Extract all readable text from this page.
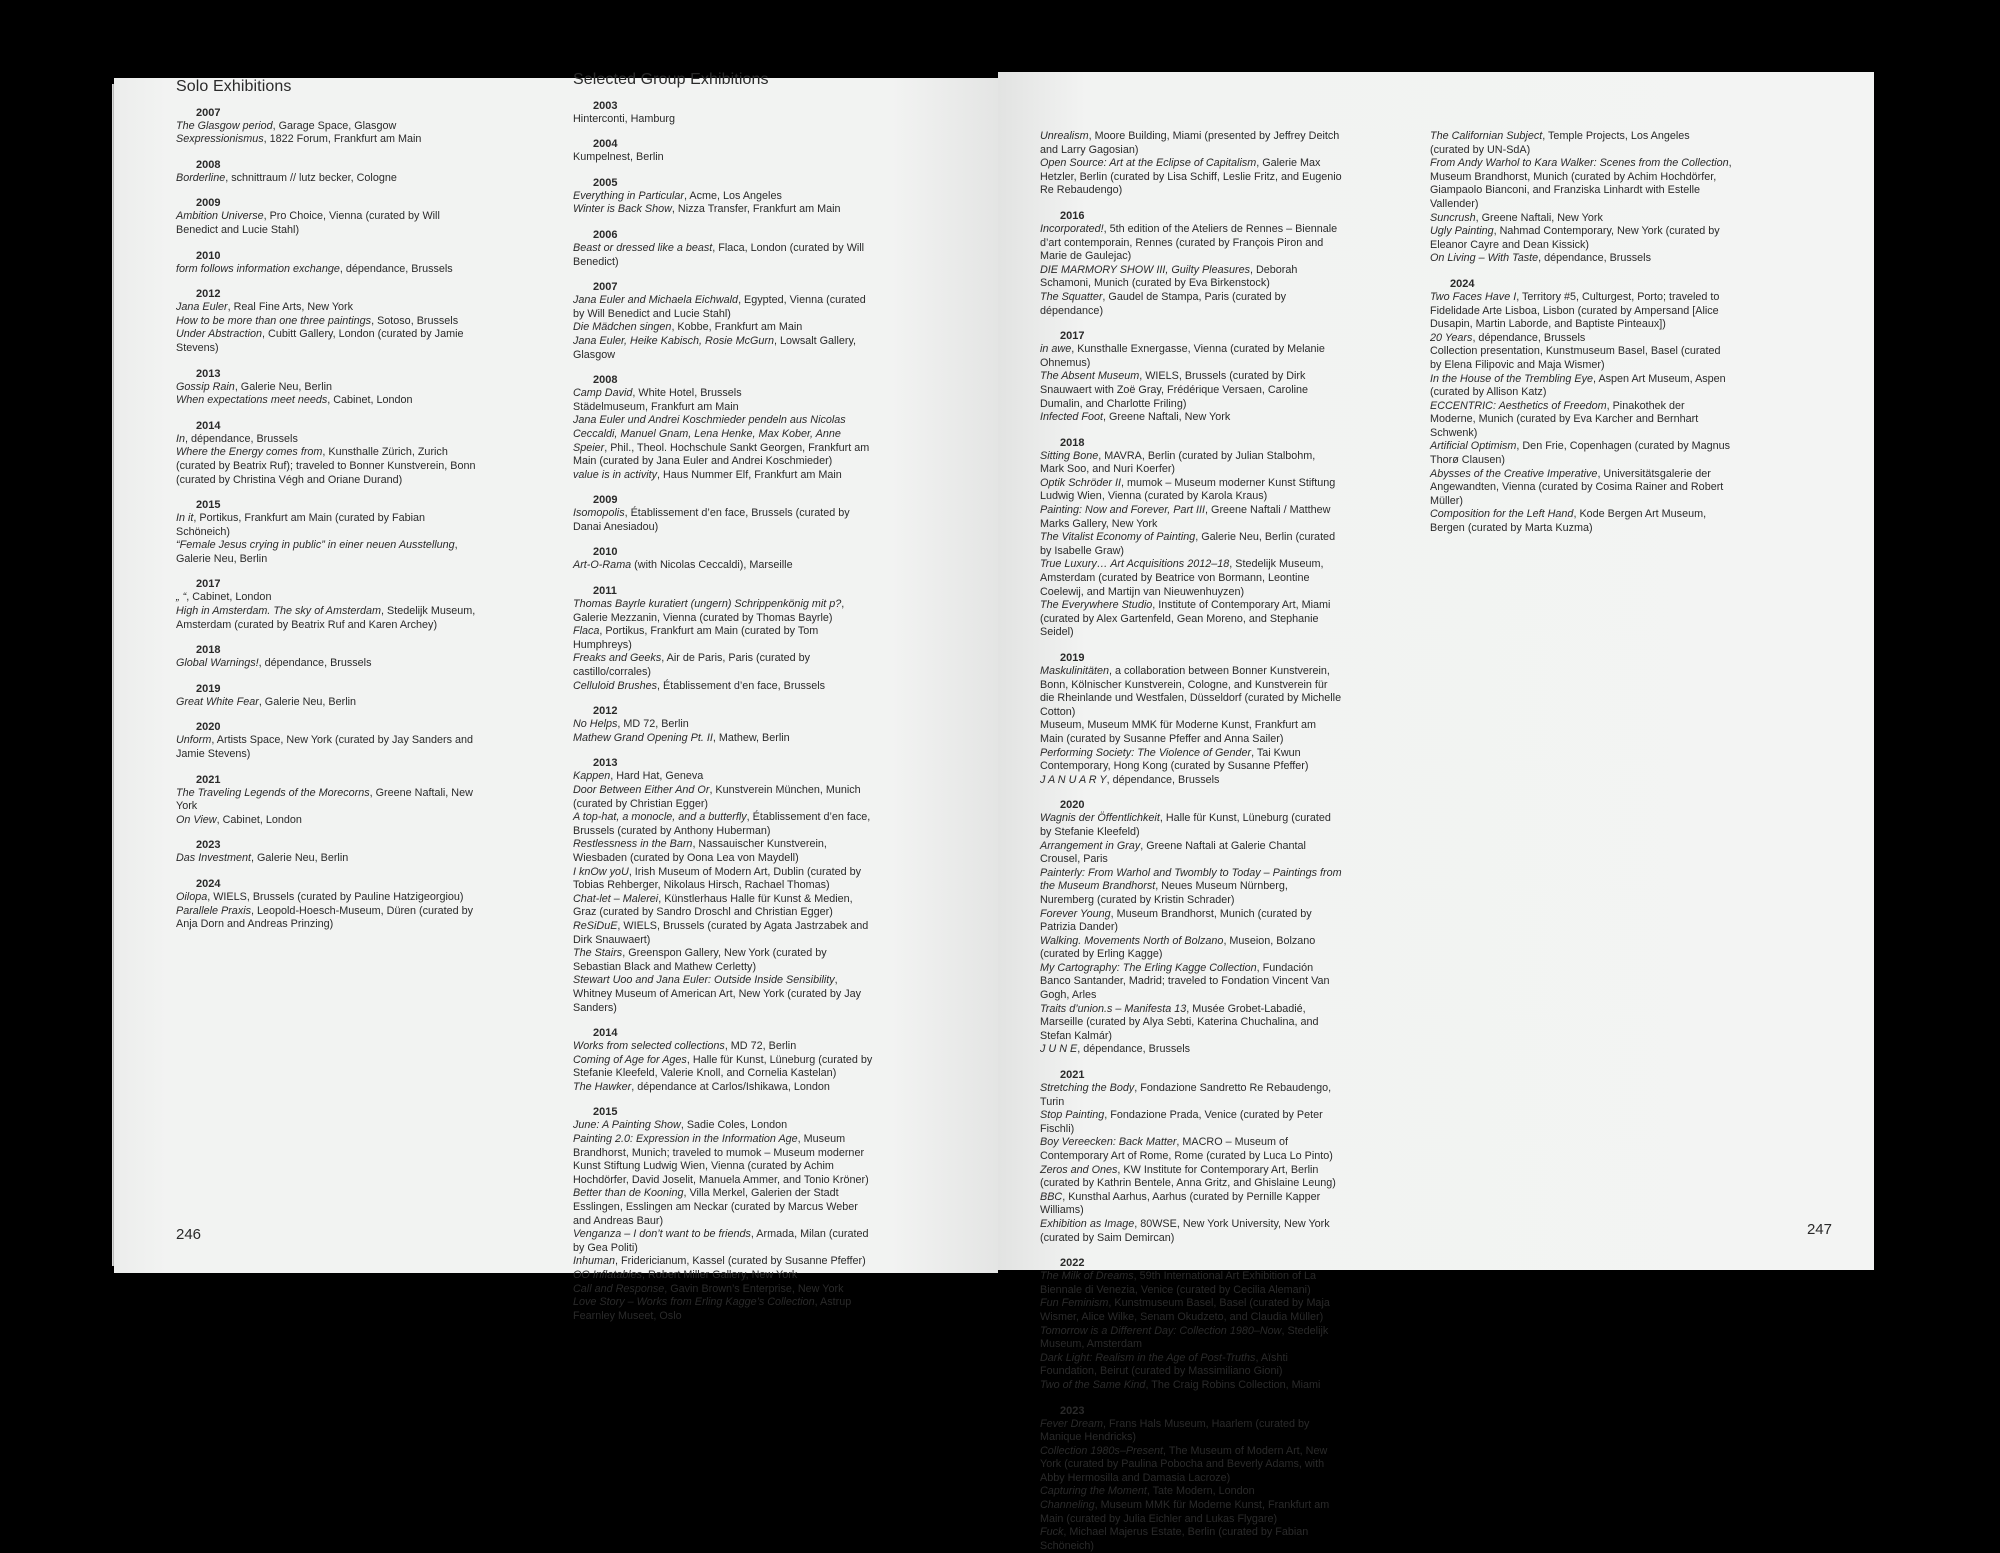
Solo Exhibitions
2007

The Glasgow period, Garage Space, Glasgow

Sexpressionismus, 1822 Forum, Frankfurt am Main

2008

Borderline, schnittraum // lutz becker, Cologne

2009

Ambition Universe, Pro Choice, Vienna (curated by Will Benedict and Lucie Stahl)

2010

form follows information exchange, dépendance, Brussels

2012

Jana Euler, Real Fine Arts, New York

How to be more than one three paintings, Sotoso, Brussels

Under Abstraction, Cubitt Gallery, London (curated by Jamie Stevens)

2013

Gossip Rain, Galerie Neu, Berlin

When expectations meet needs, Cabinet, London

2014

In, dépendance, Brussels

Where the Energy comes from, Kunsthalle Zürich, Zurich (curated by Beatrix Ruf); traveled to Bonner Kunstverein, Bonn (curated by Christina Végh and Oriane Durand)

2015

In it, Portikus, Frankfurt am Main (curated by Fabian Schöneich)

“Female Jesus crying in public” in einer neuen Ausstellung, Galerie Neu, Berlin

2017

„ “, Cabinet, London

High in Amsterdam. The sky of Amsterdam, Stedelijk Museum, Amsterdam (curated by Beatrix Ruf and Karen Archey)

2018

Global Warnings!, dépendance, Brussels

2019

Great White Fear, Galerie Neu, Berlin

2020

Unform, Artists Space, New York (curated by Jay Sanders and Jamie Stevens)

2021

The Traveling Legends of the Morecorns, Greene Naftali, New York

On View, Cabinet, London

2023

Das Investment, Galerie Neu, Berlin

2024

Oilopa, WIELS, Brussels (curated by Pauline Hatzigeorgiou)

Parallele Praxis, Leopold-Hoesch-Museum, Düren (curated by Anja Dorn and Andreas Prinzing)

Selected Group Exhibitions
2003

Hinterconti, Hamburg

2004

Kumpelnest, Berlin

2005

Everything in Particular, Acme, Los Angeles

Winter is Back Show, Nizza Transfer, Frankfurt am Main

2006

Beast or dressed like a beast, Flaca, London (curated by Will Benedict)

2007

Jana Euler and Michaela Eichwald, Egypted, Vienna (curated by Will Benedict and Lucie Stahl)

Die Mädchen singen, Kobbe, Frankfurt am Main

Jana Euler, Heike Kabisch, Rosie McGurn, Lowsalt Gallery, Glasgow

2008

Camp David, White Hotel, Brussels

Städelmuseum, Frankfurt am Main

Jana Euler und Andrei Koschmieder pendeln aus Nicolas Ceccaldi, Manuel Gnam, Lena Henke, Max Kober, Anne Speier, Phil., Theol. Hochschule Sankt Georgen, Frankfurt am Main (curated by Jana Euler and Andrei Koschmieder)

value is in activity, Haus Nummer Elf, Frankfurt am Main

2009

Isomopolis, Établissement d’en face, Brussels (curated by Danai Anesiadou)

2010

Art-O-Rama (with Nicolas Ceccaldi), Marseille

2011

Thomas Bayrle kuratiert (ungern) Schrippenkönig mit p?, Galerie Mezzanin, Vienna (curated by Thomas Bayrle)

Flaca, Portikus, Frankfurt am Main (curated by Tom Humphreys)

Freaks and Geeks, Air de Paris, Paris (curated by castillo/corrales)

Celluloid Brushes, Établissement d’en face, Brussels

2012

No Helps, MD 72, Berlin

Mathew Grand Opening Pt. II, Mathew, Berlin

2013

Kappen, Hard Hat, Geneva

Door Between Either And Or, Kunstverein München, Munich (curated by Christian Egger)

A top-hat, a monocle, and a butterfly, Établissement d’en face, Brussels (curated by Anthony Huberman)

Restlessness in the Barn, Nassauischer Kunstverein, Wiesbaden (curated by Oona Lea von Maydell)

I knOw yoU, Irish Museum of Modern Art, Dublin (curated by Tobias Rehberger, Nikolaus Hirsch, Rachael Thomas)

Chat-let – Malerei, Künstlerhaus Halle für Kunst & Medien, Graz (curated by Sandro Droschl and Christian Egger)

ReSiDuE, WIELS, Brussels (curated by Agata Jastrzabek and Dirk Snauwaert)

The Stairs, Greenspon Gallery, New York (curated by Sebastian Black and Mathew Cerletty)

Stewart Uoo and Jana Euler: Outside Inside Sensibility, Whitney Museum of American Art, New York (curated by Jay Sanders)

2014

Works from selected collections, MD 72, Berlin

Coming of Age for Ages, Halle für Kunst, Lüneburg (curated by Stefanie Kleefeld, Valerie Knoll, and Cornelia Kastelan)

The Hawker, dépendance at Carlos/Ishikawa, London

2015

June: A Painting Show, Sadie Coles, London

Painting 2.0: Expression in the Information Age, Museum Brandhorst, Munich; traveled to mumok – Museum moderner Kunst Stiftung Ludwig Wien, Vienna (curated by Achim Hochdörfer, David Joselit, Manuela Ammer, and Tonio Kröner)

Better than de Kooning, Villa Merkel, Galerien der Stadt Esslingen, Esslingen am Neckar (curated by Marcus Weber and Andreas Baur)

Venganza – I don’t want to be friends, Armada, Milan (curated by Gea Politi)

Inhuman, Fridericianum, Kassel (curated by Susanne Pfeffer)

OO Inflatables, Robert Miller Gallery, New York

Call and Response, Gavin Brown’s Enterprise, New York

Love Story – Works from Erling Kagge’s Collection, Astrup Fearnley Museet, Oslo

246

Unrealism, Moore Building, Miami (presented by Jeffrey Deitch and Larry Gagosian)

Open Source: Art at the Eclipse of Capitalism, Galerie Max Hetzler, Berlin (curated by Lisa Schiff, Leslie Fritz, and Eugenio Re Rebaudengo)

2016

Incorporated!, 5th edition of the Ateliers de Rennes – Biennale d’art contemporain, Rennes (curated by François Piron and Marie de Gaulejac)

DIE MARMORY SHOW III, Guilty Pleasures, Deborah Schamoni, Munich (curated by Eva Birkenstock)

The Squatter, Gaudel de Stampa, Paris (curated by dépendance)

2017

in awe, Kunsthalle Exnergasse, Vienna (curated by Melanie Ohnemus)

The Absent Museum, WIELS, Brussels (curated by Dirk Snauwaert with Zoë Gray, Frédérique Versaen, Caroline Dumalin, and Charlotte Friling)

Infected Foot, Greene Naftali, New York

2018

Sitting Bone, MAVRA, Berlin (curated by Julian Stalbohm, Mark Soo, and Nuri Koerfer)

Optik Schröder II, mumok – Museum moderner Kunst Stiftung Ludwig Wien, Vienna (curated by Karola Kraus)

Painting: Now and Forever, Part III, Greene Naftali / Matthew Marks Gallery, New York

The Vitalist Economy of Painting, Galerie Neu, Berlin (curated by Isabelle Graw)

True Luxury… Art Acquisitions 2012–18, Stedelijk Museum, Amsterdam (curated by Beatrice von Bormann, Leontine Coelewij, and Martijn van Nieuwenhuyzen)

The Everywhere Studio, Institute of Contemporary Art, Miami (curated by Alex Gartenfeld, Gean Moreno, and Stephanie Seidel)

2019

Maskulinitäten, a collaboration between Bonner Kunstverein, Bonn, Kölnischer Kunstverein, Cologne, and Kunstverein für die Rheinlande und Westfalen, Düsseldorf (curated by Michelle Cotton)

Museum, Museum MMK für Moderne Kunst, Frankfurt am Main (curated by Susanne Pfeffer and Anna Sailer)

Performing Society: The Violence of Gender, Tai Kwun Contemporary, Hong Kong (curated by Susanne Pfeffer)

J A N U A R Y, dépendance, Brussels

2020

Wagnis der Öffentlichkeit, Halle für Kunst, Lüneburg (curated by Stefanie Kleefeld)

Arrangement in Gray, Greene Naftali at Galerie Chantal Crousel, Paris

Painterly: From Warhol and Twombly to Today – Paintings from the Museum Brandhorst, Neues Museum Nürnberg, Nuremberg (curated by Kristin Schrader)

Forever Young, Museum Brandhorst, Munich (curated by Patrizia Dander)

Walking. Movements North of Bolzano, Museion, Bolzano (curated by Erling Kagge)

My Cartography: The Erling Kagge Collection, Fundación Banco Santander, Madrid; traveled to Fondation Vincent Van Gogh, Arles

Traits d’union.s – Manifesta 13, Musée Grobet-Labadié, Marseille (curated by Alya Sebti, Katerina Chuchalina, and Stefan Kalmár)

J U N E, dépendance, Brussels

2021

Stretching the Body, Fondazione Sandretto Re Rebaudengo, Turin

Stop Painting, Fondazione Prada, Venice (curated by Peter Fischli)

Boy Vereecken: Back Matter, MACRO – Museum of Contemporary Art of Rome, Rome (curated by Luca Lo Pinto)

Zeros and Ones, KW Institute for Contemporary Art, Berlin (curated by Kathrin Bentele, Anna Gritz, and Ghislaine Leung)

BBC, Kunsthal Aarhus, Aarhus (curated by Pernille Kapper Williams)

Exhibition as Image, 80WSE, New York University, New York (curated by Saim Demircan)

2022

The Milk of Dreams, 59th International Art Exhibition of La Biennale di Venezia, Venice (curated by Cecilia Alemani)

Fun Feminism, Kunstmuseum Basel, Basel (curated by Maja Wismer, Alice Wilke, Senam Okudzeto, and Claudia Müller)

Tomorrow is a Different Day: Collection 1980–Now, Stedelijk Museum, Amsterdam

Dark Light: Realism in the Age of Post-Truths, Aïshti Foundation, Beirut (curated by Massimiliano Gioni)

Two of the Same Kind, The Craig Robins Collection, Miami

2023

Fever Dream, Frans Hals Museum, Haarlem (curated by Manique Hendricks)

Collection 1980s–Present, The Museum of Modern Art, New York (curated by Paulina Pobocha and Beverly Adams, with Abby Hermosilla and Damasia Lacroze)

Capturing the Moment, Tate Modern, London

Channeling, Museum MMK für Moderne Kunst, Frankfurt am Main (curated by Julia Eichler and Lukas Flygare)

Fuck, Michael Majerus Estate, Berlin (curated by Fabian Schöneich)

The Californian Subject, Temple Projects, Los Angeles (curated by UN-SdA)

From Andy Warhol to Kara Walker: Scenes from the Collection, Museum Brandhorst, Munich (curated by Achim Hochdörfer, Giampaolo Bianconi, and Franziska Linhardt with Estelle Vallender)

Suncrush, Greene Naftali, New York

Ugly Painting, Nahmad Contemporary, New York (curated by Eleanor Cayre and Dean Kissick)

On Living – With Taste, dépendance, Brussels

2024

Two Faces Have I, Territory #5, Culturgest, Porto; traveled to Fidelidade Arte Lisboa, Lisbon (curated by Ampersand [Alice Dusapin, Martin Laborde, and Baptiste Pinteaux])

20 Years, dépendance, Brussels

Collection presentation, Kunstmuseum Basel, Basel (curated by Elena Filipovic and Maja Wismer)

In the House of the Trembling Eye, Aspen Art Museum, Aspen (curated by Allison Katz)

ECCENTRIC: Aesthetics of Freedom, Pinakothek der Moderne, Munich (curated by Eva Karcher and Bernhart Schwenk)

Artificial Optimism, Den Frie, Copenhagen (curated by Magnus Thorø Clausen)

Abysses of the Creative Imperative, Universitätsgalerie der Angewandten, Vienna (curated by Cosima Rainer and Robert Müller)

Composition for the Left Hand, Kode Bergen Art Museum, Bergen (curated by Marta Kuzma)

247
